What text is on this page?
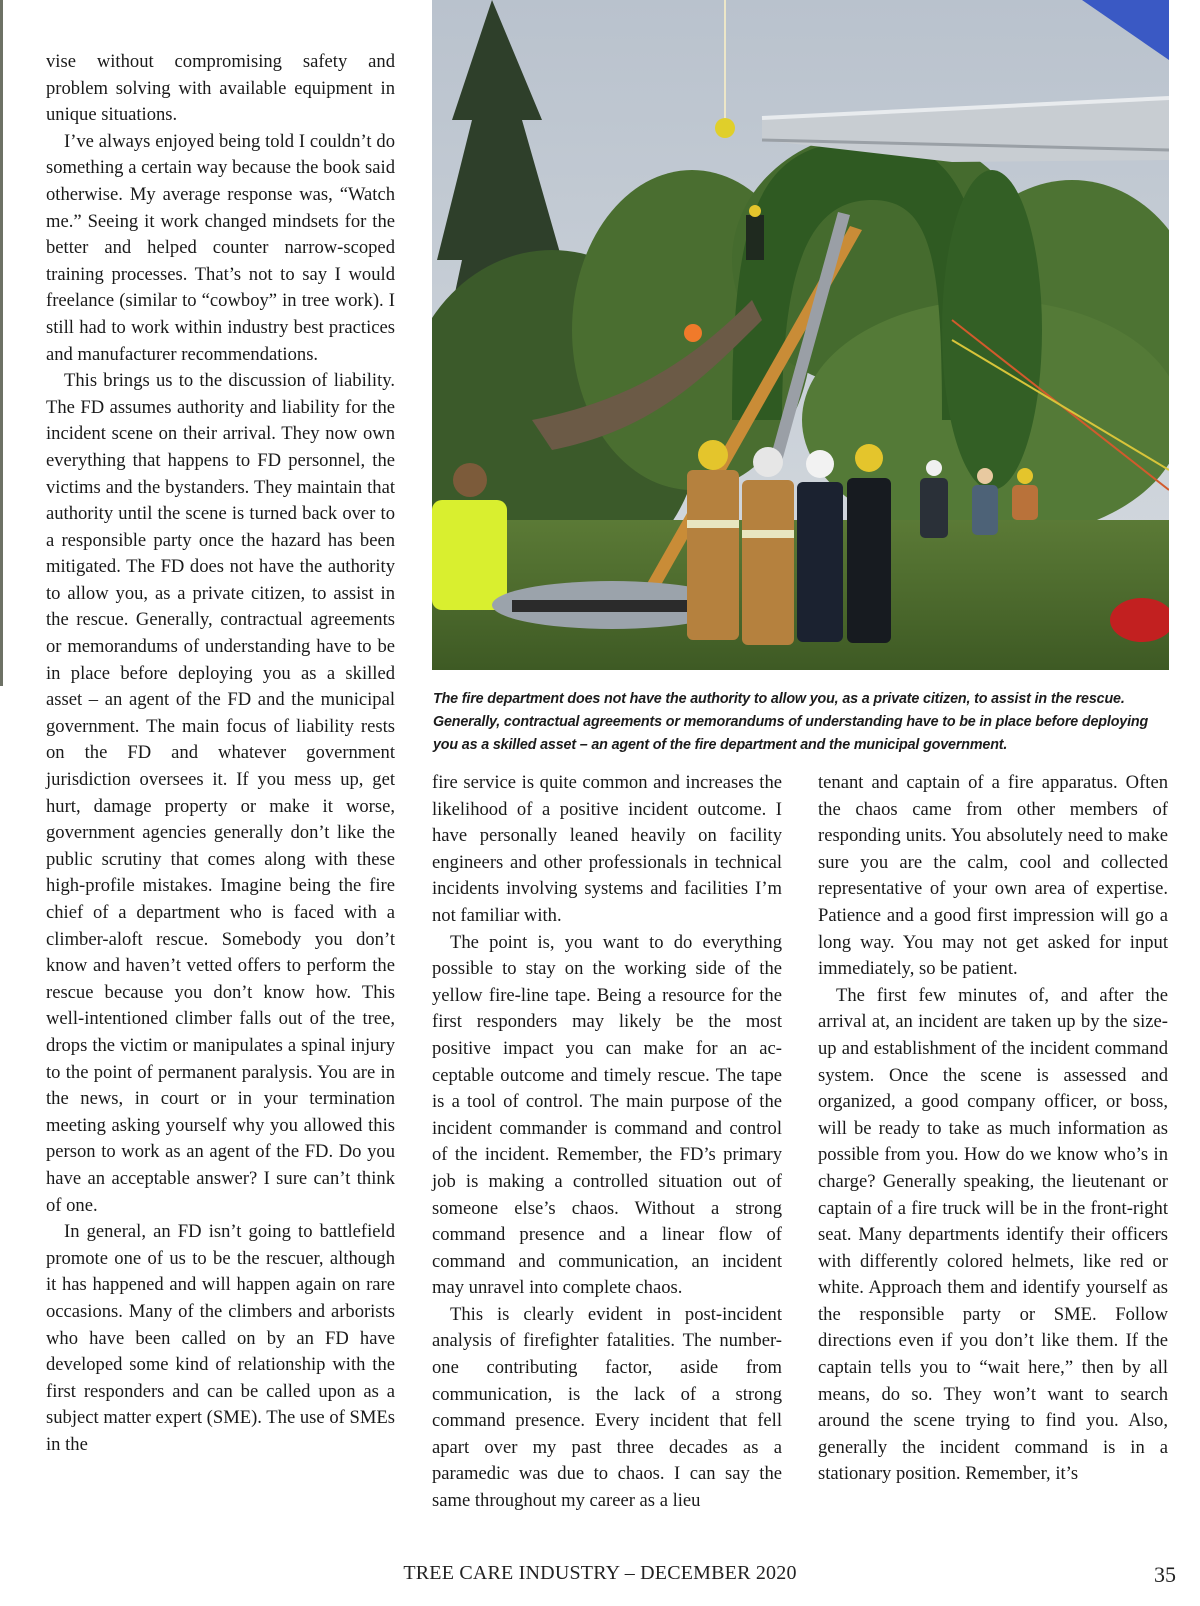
vise without compromising safety and problem solving with available equipment in unique situations.

I’ve always enjoyed being told I couldn’t do something a certain way because the book said otherwise. My average response was, “Watch me.” Seeing it work changed mindsets for the better and helped counter narrow-scoped training processes. That’s not to say I would freelance (similar to “cowboy” in tree work). I still had to work within industry best practices and manufacturer recommendations.

This brings us to the discussion of liability. The FD assumes authority and liability for the incident scene on their arrival. They now own everything that happens to FD personnel, the victims and the bystanders. They maintain that authority until the scene is turned back over to a responsible party once the hazard has been mitigated. The FD does not have the authority to allow you, as a private citizen, to assist in the rescue. Generally, contractual agreements or memorandums of understanding have to be in place before deploying you as a skilled asset – an agent of the FD and the municipal government. The main focus of liability rests on the FD and whatever government jurisdiction oversees it. If you mess up, get hurt, damage property or make it worse, government agencies generally don’t like the public scrutiny that comes along with these high-profile mistakes. Imagine being the fire chief of a department who is faced with a climber-aloft rescue. Somebody you don’t know and haven’t vetted offers to perform the rescue because you don’t know how. This well-intentioned climber falls out of the tree, drops the victim or manipulates a spinal injury to the point of permanent paralysis. You are in the news, in court or in your termination meeting asking yourself why you allowed this person to work as an agent of the FD. Do you have an acceptable answer? I sure can’t think of one.

In general, an FD isn’t going to battlefield promote one of us to be the rescuer, although it has happened and will happen again on rare occasions. Many of the climbers and arborists who have been called on by an FD have developed some kind of relationship with the first responders and can be called upon as a subject matter expert (SME). The use of SMEs in the

The fire department does not have the authority to allow you, as a private citizen, to assist in the rescue. Generally, contractual agreements or memorandums of understanding have to be in place before deploying you as a skilled asset – an agent of the fire department and the municipal government.

fire service is quite common and increases the likelihood of a positive incident outcome. I have personally leaned heavily on facility engineers and other professionals in technical incidents involving systems and facilities I’m not familiar with.

The point is, you want to do everything possible to stay on the working side of the yellow fire-line tape. Being a resource for the first responders may likely be the most positive impact you can make for an acceptable outcome and timely rescue. The tape is a tool of control. The main purpose of the incident commander is command and control of the incident. Remember, the FD’s primary job is making a controlled situation out of someone else’s chaos. Without a strong command presence and a linear flow of command and communication, an incident may unravel into complete chaos.

This is clearly evident in post-incident analysis of firefighter fatalities. The number-one contributing factor, aside from communication, is the lack of a strong command presence. Every incident that fell apart over my past three decades as a paramedic was due to chaos. I can say the same throughout my career as a lieu

tenant and captain of a fire apparatus. Often the chaos came from other members of responding units. You absolutely need to make sure you are the calm, cool and collected representative of your own area of expertise. Patience and a good first impression will go a long way. You may not get asked for input immediately, so be patient.

The first few minutes of, and after the arrival at, an incident are taken up by the size-up and establishment of the incident command system. Once the scene is assessed and organized, a good company officer, or boss, will be ready to take as much information as possible from you. How do we know who’s in charge? Generally speaking, the lieutenant or captain of a fire truck will be in the front-right seat. Many departments identify their officers with differently colored helmets, like red or white. Approach them and identify yourself as the responsible party or SME. Follow directions even if you don’t like them. If the captain tells you to “wait here,” then by all means, do so. They won’t want to search around the scene trying to find you. Also, generally the incident command is in a stationary position. Remember, it’s

TREE CARE INDUSTRY – DECEMBER 2020	35
